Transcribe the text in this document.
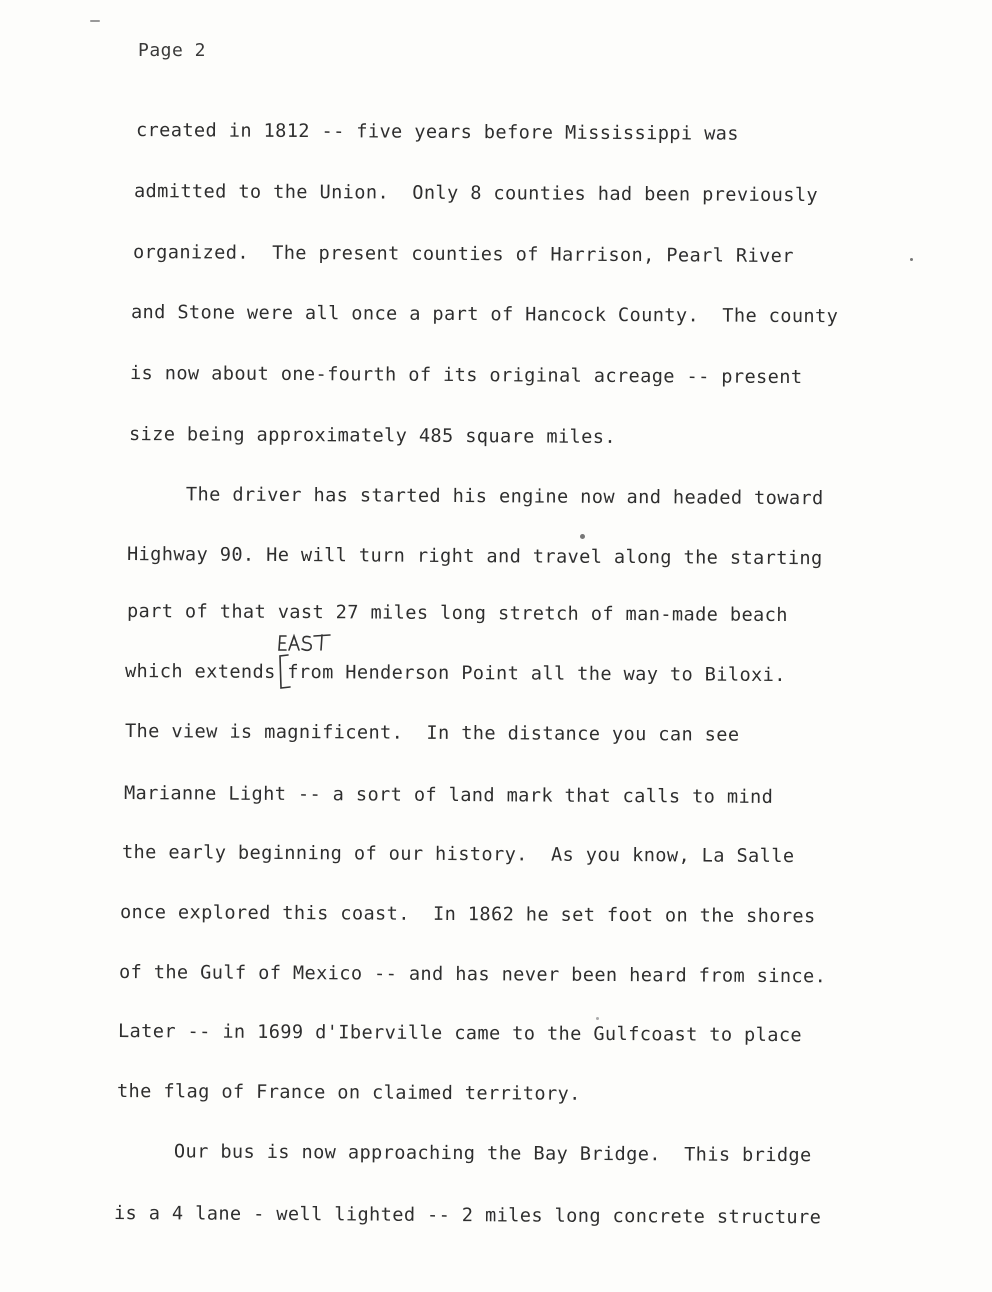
Page 2
created in 1812 -- five years before Mississippi was
admitted to the Union.  Only 8 counties had been previously
organized.  The present counties of Harrison, Pearl River
and Stone were all once a part of Hancock County.  The county
is now about one-fourth of its original acreage -- present
size being approximately 485 square miles.
The driver has started his engine now and headed toward
Highway 90. He will turn right and travel along the starting
part of that vast 27 miles long stretch of man-made beach
which extends from Henderson Point all the way to Biloxi.
The view is magnificent.  In the distance you can see
Marianne Light -- a sort of land mark that calls to mind
the early beginning of our history.  As you know, La Salle
once explored this coast.  In 1862 he set foot on the shores
of the Gulf of Mexico -- and has never been heard from since.
Later -- in 1699 d'Iberville came to the Gulfcoast to place
the flag of France on claimed territory.
Our bus is now approaching the Bay Bridge.  This bridge
is a 4 lane - well lighted -- 2 miles long concrete structure
